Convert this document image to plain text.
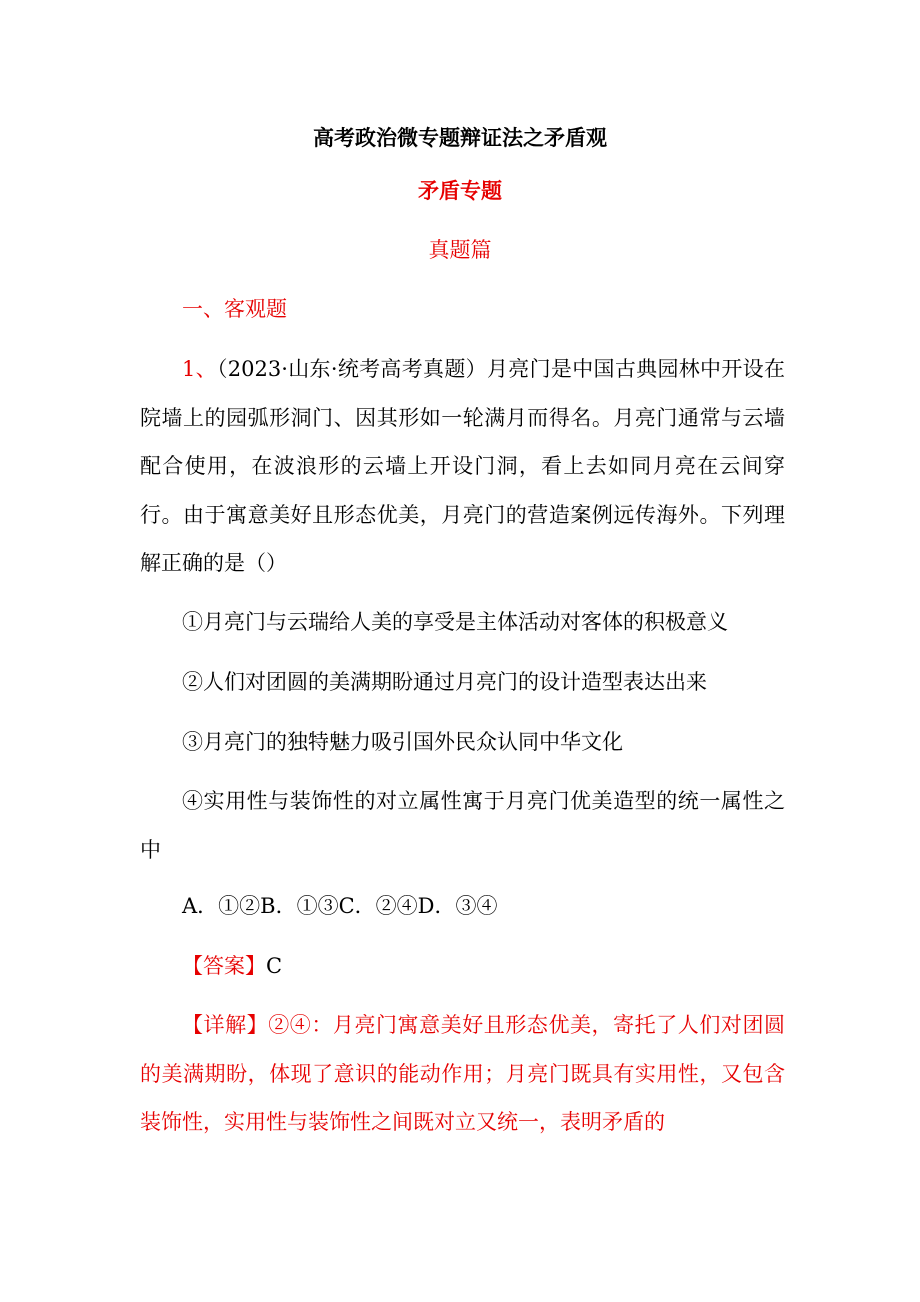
高考政治微专题辩证法之矛盾观
矛盾专题
真题篇
一、客观题

1、（2023·山东·统考高考真题）月亮门是中国古典园林中开设在院墙上的园弧形洞门、因其形如一轮满月而得名。月亮门通常与云墙配合使用，在波浪形的云墙上开设门洞，看上去如同月亮在云间穿行。由于寓意美好且形态优美，月亮门的营造案例远传海外。下列理解正确的是（）

①月亮门与云瑞给人美的享受是主体活动对客体的积极意义

②人们对团圆的美满期盼通过月亮门的设计造型表达出来

③月亮门的独特魅力吸引国外民众认同中华文化

④实用性与装饰性的对立属性寓于月亮门优美造型的统一属性之中

A．①②B．①③C．②④D．③④

【答案】C

【详解】②④：月亮门寓意美好且形态优美，寄托了人们对团圆的美满期盼，体现了意识的能动作用；月亮门既具有实用性，又包含装饰性，实用性与装饰性之间既对立又统一，表明矛盾的
